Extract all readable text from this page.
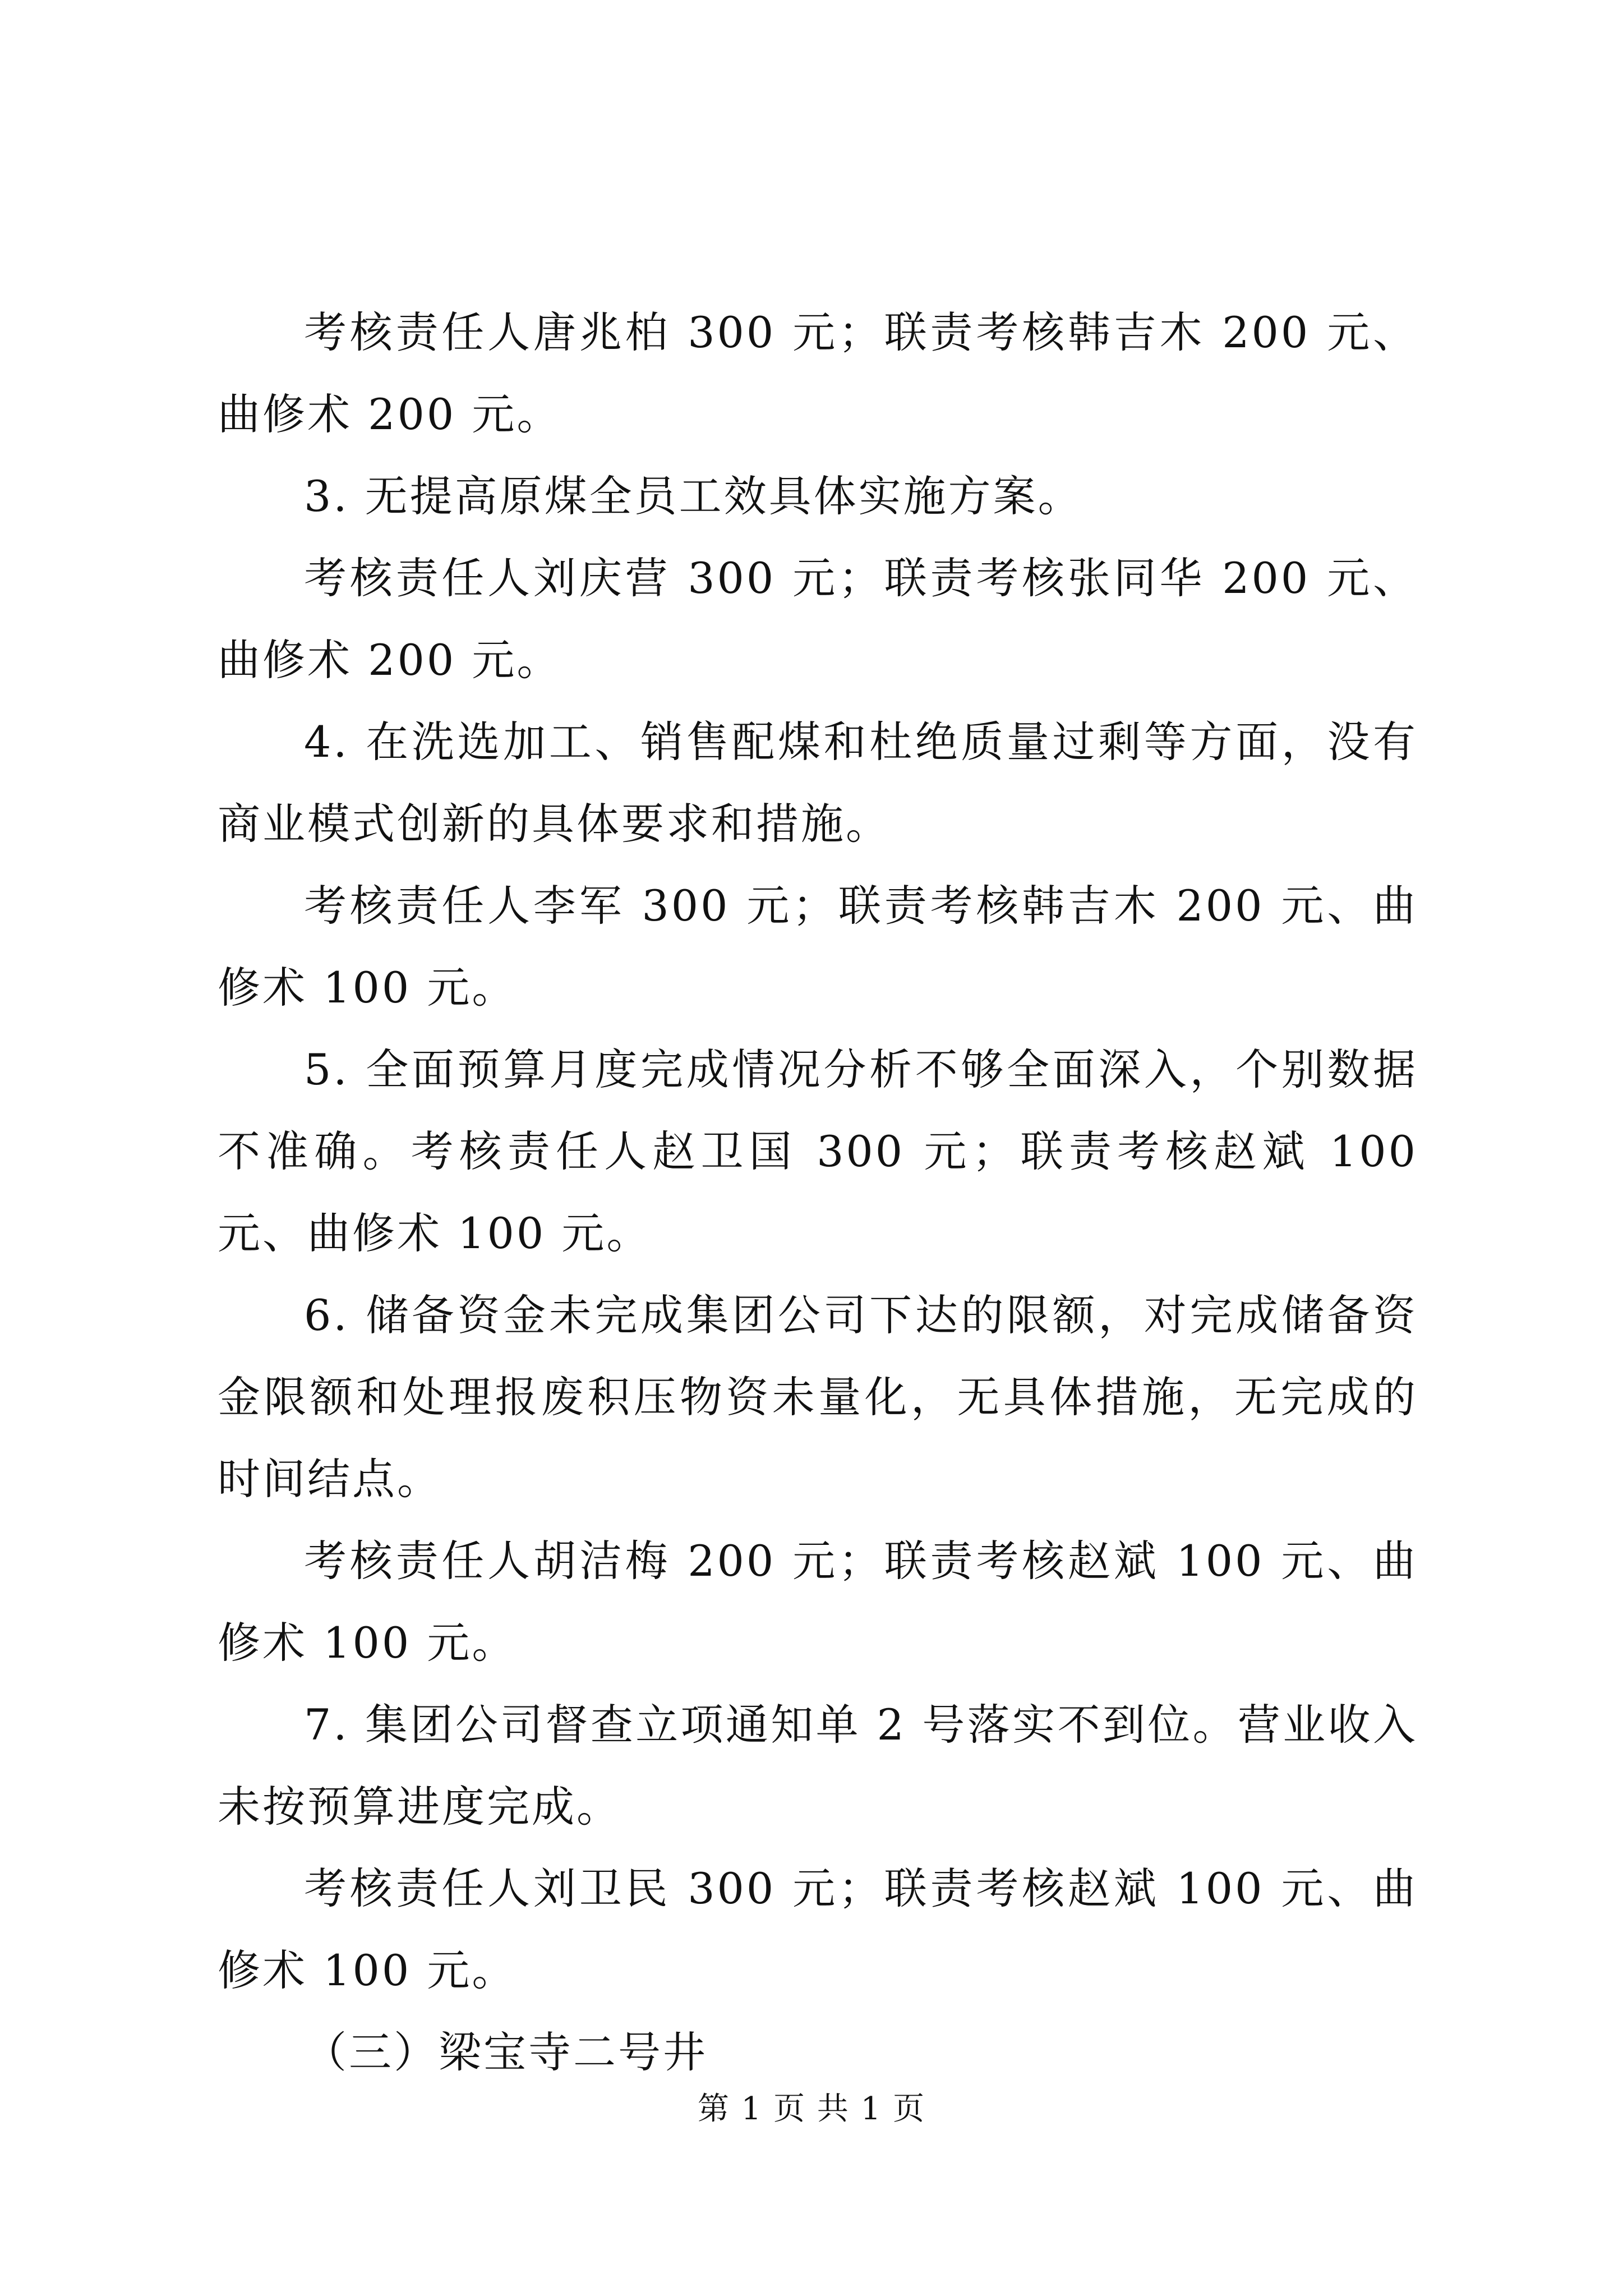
考核责任人唐兆柏 300 元；联责考核韩吉木 200 元、曲修术 200 元。

3. 无提高原煤全员工效具体实施方案。

考核责任人刘庆营 300 元；联责考核张同华 200 元、曲修术 200 元。

4. 在洗选加工、销售配煤和杜绝质量过剩等方面，没有商业模式创新的具体要求和措施。

考核责任人李军 300 元；联责考核韩吉木 200 元、曲修术 100 元。

5. 全面预算月度完成情况分析不够全面深入，个别数据不准确。考核责任人赵卫国 300 元；联责考核赵斌 100 元、曲修术 100 元。

6. 储备资金未完成集团公司下达的限额，对完成储备资金限额和处理报废积压物资未量化，无具体措施，无完成的时间结点。

考核责任人胡洁梅 200 元；联责考核赵斌 100 元、曲修术 100 元。

7. 集团公司督查立项通知单 2 号落实不到位。营业收入未按预算进度完成。

考核责任人刘卫民 300 元；联责考核赵斌 100 元、曲修术 100 元。

（三）梁宝寺二号井

第 1 页 共 1 页
